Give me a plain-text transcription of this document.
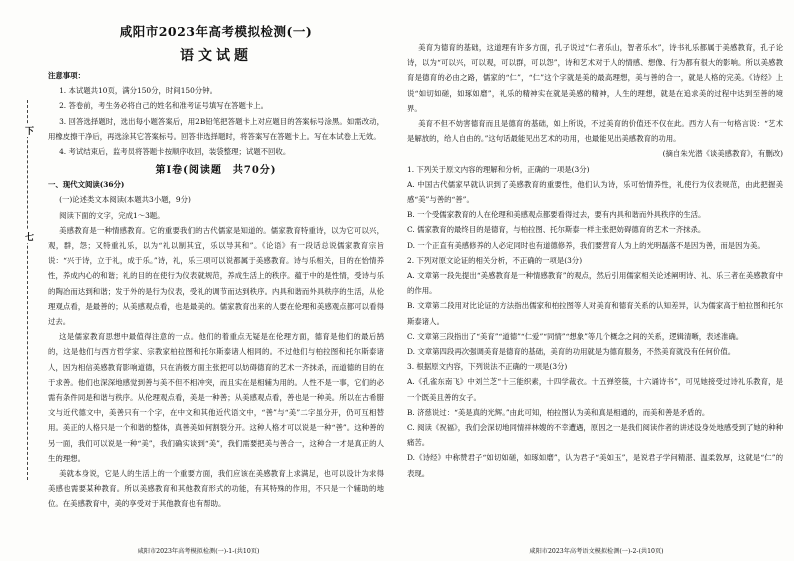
下
七
咸阳市2023年高考模拟检测(一)
语文试题

注意事项：

1. 本试题共10页，满分150分，时间150分钟。

2. 答卷前，考生务必将自己的姓名和准考证号填写在答题卡上。

3. 回答选择题时，选出每小题答案后，用2B铅笔把答题卡上对应题目的答案标号涂黑。如需改动，用橡皮擦干净后，再选涂其它答案标号。回答非选择题时，将答案写在答题卡上。写在本试卷上无效。

4. 考试结束后，监考员将答题卡按顺序收回，装袋整理；试题不回收。

第Ⅰ卷(阅读题　共70分)

一、现代文阅读(36分)

(一)论述类文本阅读(本题共3小题，9分)

阅读下面的文字，完成1～3题。

美感教育是一种情感教育。它的重要我们的古代儒家是知道的。儒家教育特重诗，以为它可以兴，观，群，怨；又特重礼乐，以为“礼以制其宜，乐以导其和”。《论语》有一段话总说儒家教育宗旨说：“兴于诗，立于礼，成于乐。”诗，礼，乐三项可以说都属于美感教育。诗与乐相关，目的在怡情养性，养成内心的和谐；礼的目的在使行为仪表就规范，养成生活上的秩序。蕴于中的是性情，受诗与乐的陶冶而达到和谐；发于外的是行为仪表，受礼的调节而达到秩序。内具和谐而外具秩序的生活，从伦理观点看，是最善的；从美感观点看，也是最美的。儒家教育出来的人要在伦理和美感观点都可以看得过去。

这是儒家教育思想中最值得注意的一点。他们的着重点无疑是在伦理方面，德育是他们的最后鹄的，这是他们与西方哲学家、宗教家柏拉图和托尔斯泰诸人相同的。不过他们与柏拉图和托尔斯泰诸人，因为相信美感教育影响道德，只在消极方面主张把可以妨碍德育的艺术一齐抹杀，而道德的目的在于求善。他们也深深地感觉到善与美不但不相冲突，而且实在是相辅为用的。人性不是一事，它们的必需有条件同是和谐与秩序。从伦理观点看，美是一种善；从美感观点看，善也是一种美。所以在古希腊文与近代德文中，美善只有一个字，在中文和其他近代语文中，“善”与“美”二字虽分开，仍可互相替用。美正的人格只是一个和谐的整体，真善美如何割裂分开。这种人格才可以说是一种“善”。这种善的另一面，我们可以说是一种“美”，我们确实谈到“美”，我们需要把美与善合一，这种合一才是真正的人生的理想。

美就本身说，它是人的生活上的一个重要方面，我们应该在美感教育上求满足，也可以设计为求得美感也需要某种教育。所以美感教育和其他教育形式的功能，有其特殊的作用，不只是一个辅助的地位。在美感教育中，美的享受对于其他教育也有帮助。

咸阳市2023年高考模拟检测(一)-1-(共10页)

美育为德育的基础，这道理有许多方面，孔子说过“仁者乐山，智者乐水”，诗书礼乐都属于美感教育，孔子论诗，以为“可以兴，可以观，可以群，可以怨”，诗和艺术对于人的情感、想像、行为都有很大的影响。所以美感教育是德育的必由之路，儒家的“仁”，“仁”这个字就是美的最高理想，美与善的合一，就是人格的完美。《诗经》上说“如切如磋，如琢如磨”，礼乐的精神实在就是美感的精神，人生的理想，就是在追求美的过程中达到至善的境界。

美育不但不妨害德育而且是德育的基础，如上所说，不过美育的价值还不仅在此。西方人有一句格言说：“艺术是解放的，给人自由的。”这句话最能见出艺术的功用，也最能见出美感教育的功用。

(摘自朱光潜《谈美感教育》，有删改)

1. 下列关于原文内容的理解和分析，正确的一项是(3分)

A. 中国古代儒家早就认识到了美感教育的重要性，他们认为诗，乐可怡情养性，礼使行为仪表规范，由此把握美感“美”与善的“善”。

B. 一个受儒家教育的人在伦理和美感观点都要看得过去，要有内具和谐而外具秩序的生活。

C. 儒家教育的最终目的是德育，与柏拉图、托尔斯泰一样主张把妨碍德育的艺术一齐抹杀。

D. 一个正直有美感修养的人必定同时也有道德修养，我们要营育人为上的光明磊落不是因为善，而是因为美。

2. 下列对原文论证的相关分析，不正确的一项是(3分)

A. 文章第一段先提出“美感教育是一种情感教育”的观点，然后引用儒家相关论述阐明诗、礼、乐三者在美感教育中的作用。

B. 文章第二段用对比论证的方法指出儒家和柏拉图等人对美育和德育关系的认知差异，认为儒家高于柏拉图和托尔斯泰诸人。

C. 文章第三段指出了“美育”“道德”“仁爱”“同情”“想象”等几个概念之间的关系，逻辑清晰，表述准确。

D. 文章第四段再次强调美育是德育的基础，美育的功用就是为德育服务，不然美育就没有任何价值。

3. 根据原文内容，下列说法不正确的一项是(3分)

A.《孔雀东南飞》中刘兰芝“十三能织素，十四学裁衣。十五弹箜篌，十六诵诗书”，可见她接受过诗礼乐教育，是一个既美且善的女子。

B. 济慈说过：“美是真的光辉。”由此可知，柏拉图认为美和真是相通的，而美和善是矛盾的。

C. 阅读《祝福》，我们会深切地同情祥林嫂的不幸遭遇，原因之一是我们阅读作者的讲述设身处地感受到了她的种种痛苦。

D.《诗经》中称赞君子“如切如磋，如琢如磨”，认为君子“美如玉”，是说君子学问精湛、温柔敦厚，这就是“仁”的表现。

咸阳市2023年高考语文模拟检测(一)-2-(共10页)
